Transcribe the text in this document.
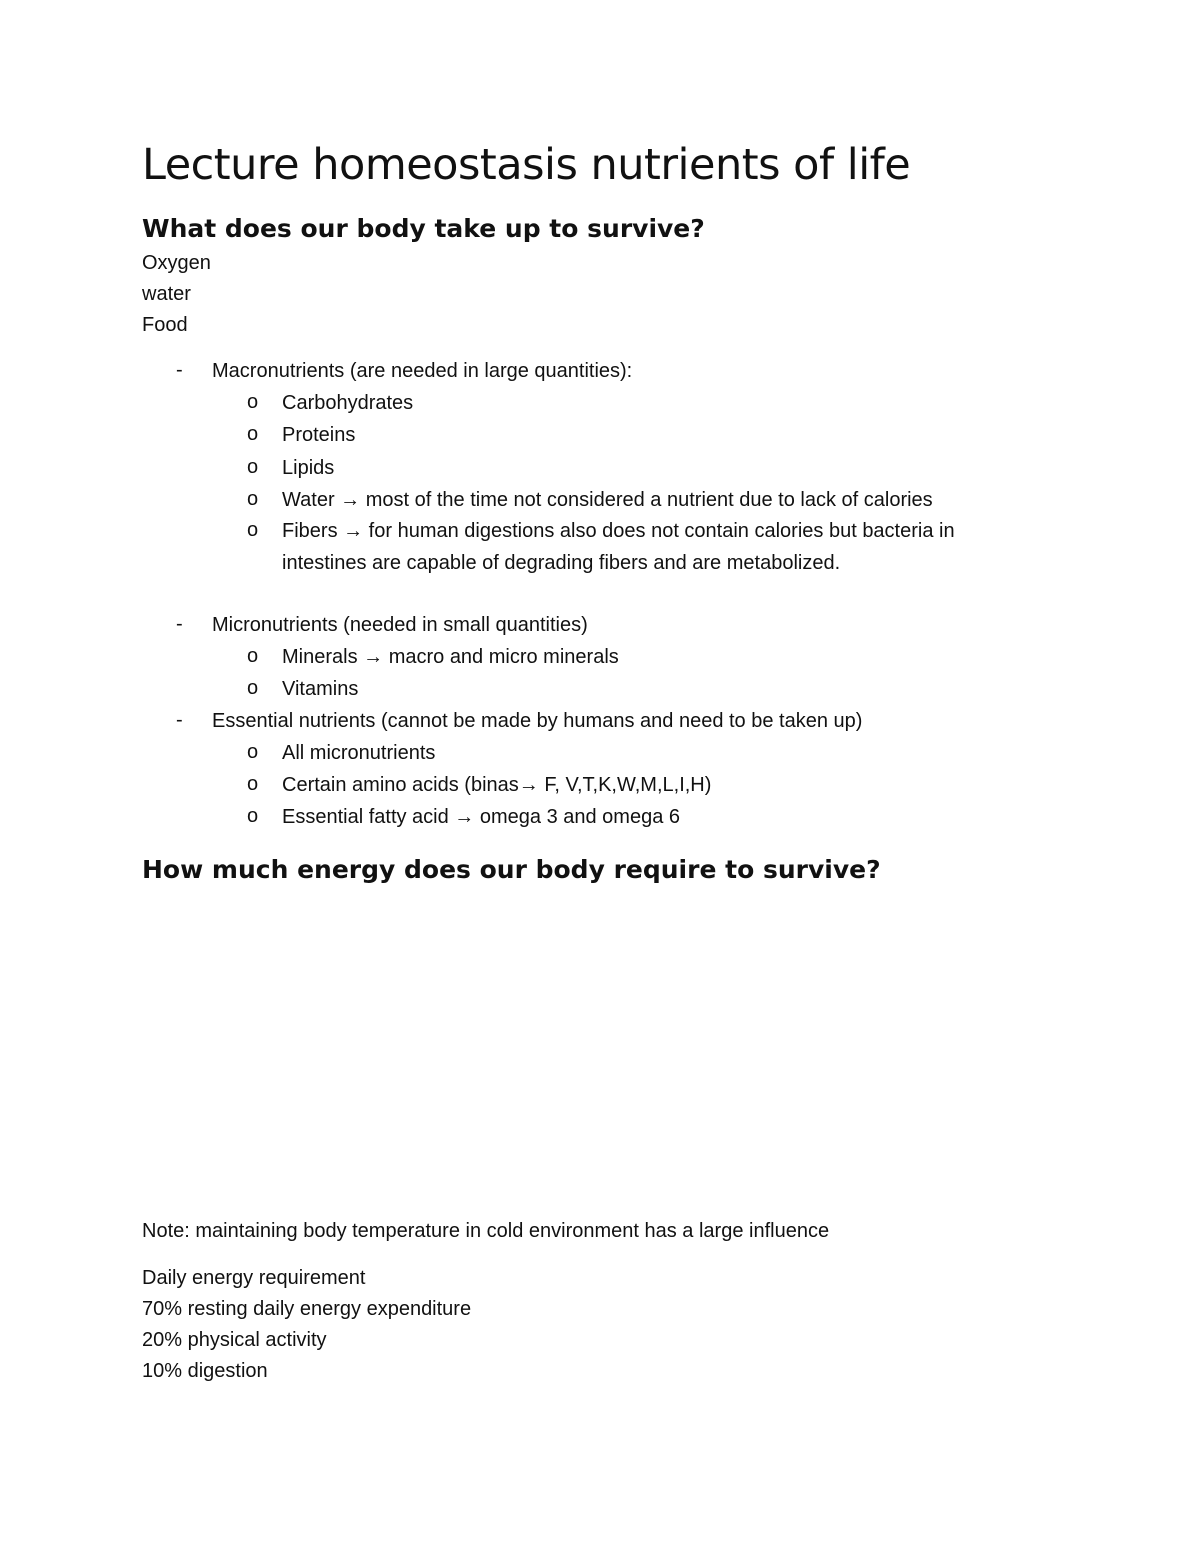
Lecture homeostasis nutrients of life
What does our body take up to survive?
Oxygen
water
Food
- Macronutrients (are needed in large quantities):
o Carbohydrates
o Proteins
o Lipids
o Water → most of the time not considered a nutrient due to lack of calories
o Fibers → for human digestions also does not contain calories but bacteria in
intestines are capable of degrading fibers and are metabolized.
- Micronutrients (needed in small quantities)
o Minerals → macro and micro minerals
o Vitamins
- Essential nutrients (cannot be made by humans and need to be taken up)
o All micronutrients
o Certain amino acids (binas→ F, V,T,K,W,M,L,I,H)
o Essential fatty acid → omega 3 and omega 6
How much energy does our body require to survive?
Note: maintaining body temperature in cold environment has a large influence
Daily energy requirement
70% resting daily energy expenditure
20% physical activity
10% digestion
